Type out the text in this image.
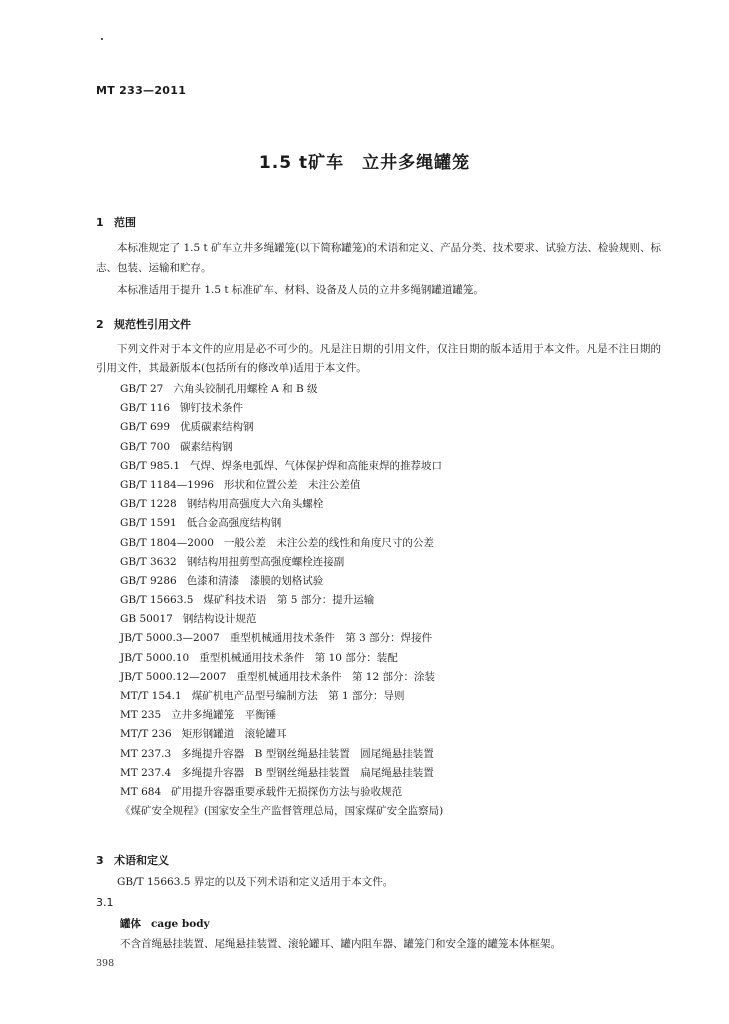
MT 233—2011
1.5 t矿车　立井多绳罐笼
1 范围
本标准规定了 1.5 t 矿车立井多绳罐笼(以下简称罐笼)的术语和定义、产品分类、技术要求、试验方法、检验规则、标志、包装、运输和贮存。
本标准适用于提升 1.5 t 标准矿车、材料、设备及人员的立井多绳钢罐道罐笼。
2 规范性引用文件
下列文件对于本文件的应用是必不可少的。凡是注日期的引用文件，仅注日期的版本适用于本文件。凡是不注日期的引用文件，其最新版本(包括所有的修改单)适用于本文件。
GB/T 27 六角头铰制孔用螺栓 A 和 B 级
GB/T 116 铆钉技术条件
GB/T 699 优质碳素结构钢
GB/T 700 碳素结构钢
GB/T 985.1 气焊、焊条电弧焊、气体保护焊和高能束焊的推荐坡口
GB/T 1184—1996 形状和位置公差　未注公差值
GB/T 1228 钢结构用高强度大六角头螺栓
GB/T 1591 低合金高强度结构钢
GB/T 1804—2000 一般公差　未注公差的线性和角度尺寸的公差
GB/T 3632 钢结构用扭剪型高强度螺栓连接副
GB/T 9286 色漆和清漆　漆膜的划格试验
GB/T 15663.5 煤矿科技术语　第 5 部分：提升运输
GB 50017 钢结构设计规范
JB/T 5000.3—2007 重型机械通用技术条件　第 3 部分：焊接件
JB/T 5000.10 重型机械通用技术条件　第 10 部分：装配
JB/T 5000.12—2007 重型机械通用技术条件　第 12 部分：涂装
MT/T 154.1 煤矿机电产品型号编制方法　第 1 部分：导则
MT 235 立井多绳罐笼　平衡锤
MT/T 236 矩形钢罐道　滚轮罐耳
MT 237.3 多绳提升容器　B 型钢丝绳悬挂装置　圆尾绳悬挂装置
MT 237.4 多绳提升容器　B 型钢丝绳悬挂装置　扁尾绳悬挂装置
MT 684 矿用提升容器重要承载件无损探伤方法与验收规范
《煤矿安全规程》(国家安全生产监督管理总局，国家煤矿安全监察局)
3 术语和定义
GB/T 15663.5 界定的以及下列术语和定义适用于本文件。
3.1
罐体 cage body
不含首绳悬挂装置、尾绳悬挂装置、滚轮罐耳、罐内阻车器、罐笼门和安全篷的罐笼本体框架。
398
